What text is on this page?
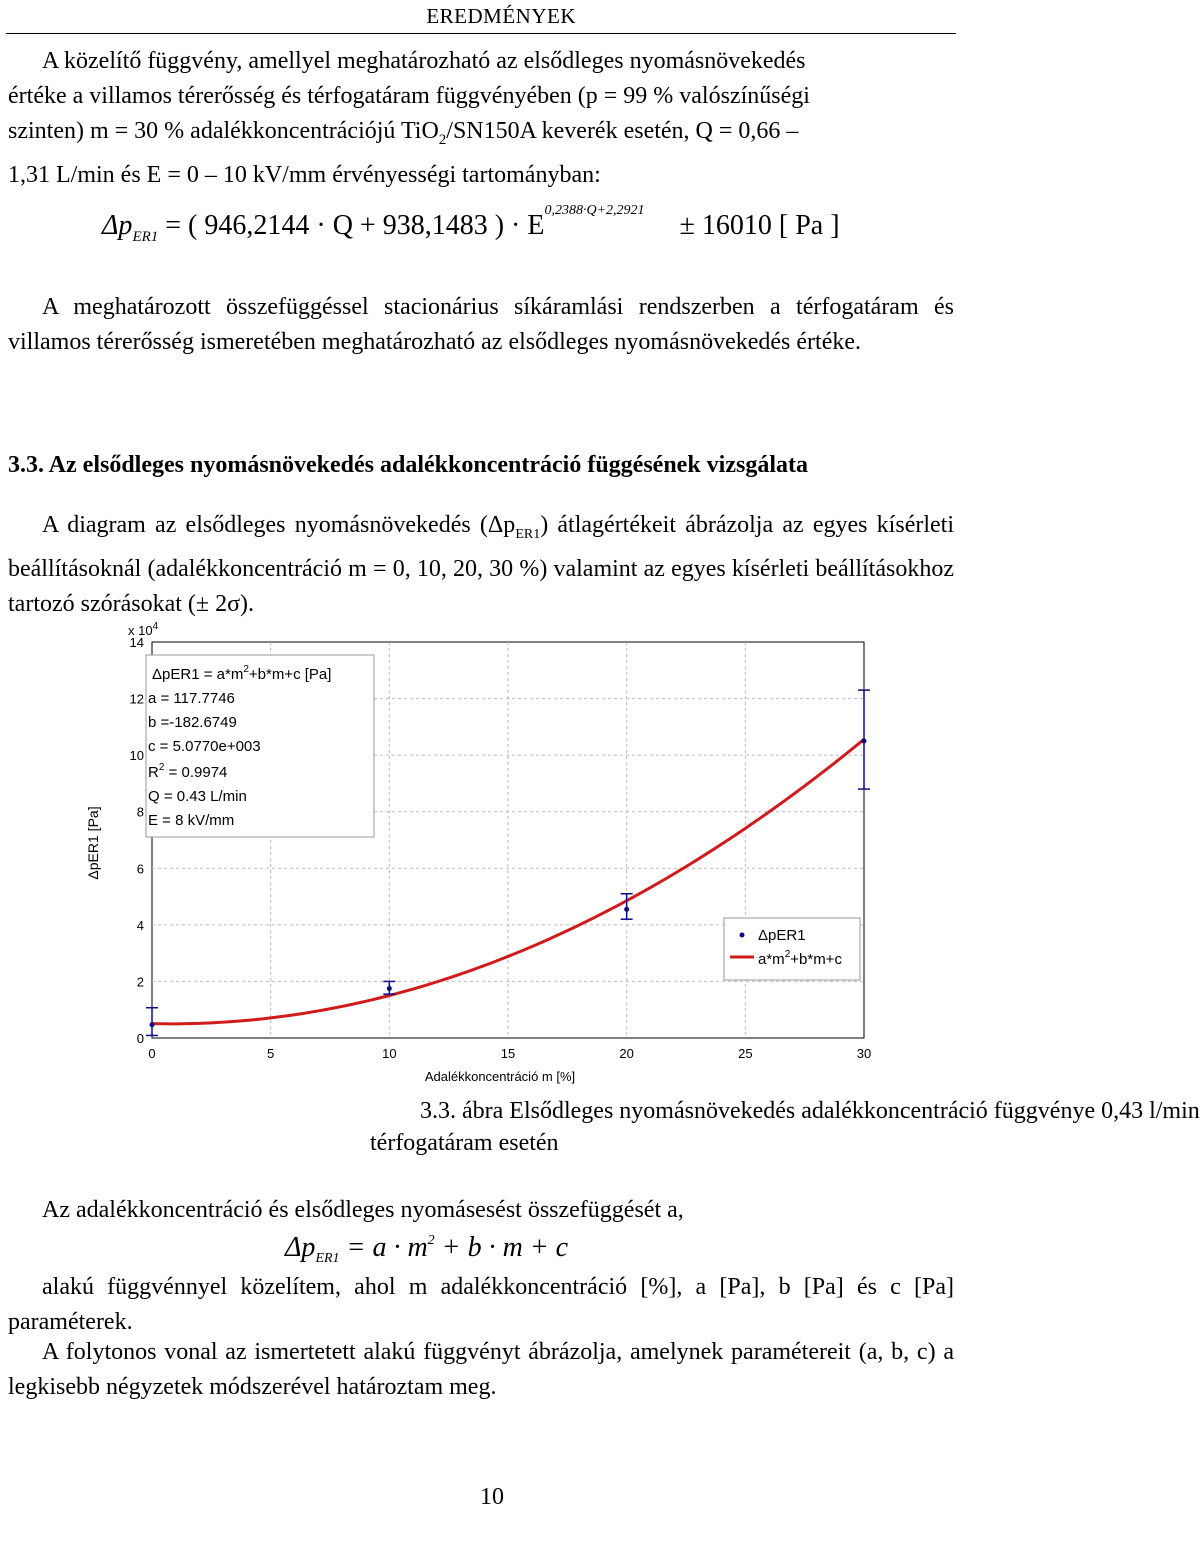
EREDMÉNYEK
A közelítő függvény, amellyel meghatározható az elsődleges nyomásnövekedés
értéke a villamos térerősség és térfogatáram függvényében (p = 99 % valószínűségi
szinten) m = 30 % adalékkoncentrációjú TiO$_2$/SN150A keverék esetén, Q = 0,66 –
1,31 L/min és E = 0 – 10 kV/mm érvényességi tartományban:
$\Delta p_{ER1}$ = ( 946,2144 · Q + 938,1483 ) · $E^{0,2388\cdot Q+2,2921} \pm 16010$ [ Pa ]

A meghatározott összefüggéssel stacionárius síkáramlási rendszerben a térfogatáram és villamos térerősség ismeretében meghatározható az elsődleges nyomásnövekedés értéke.

3.3. Az elsődleges nyomásnövekedés adalékkoncentráció függésének vizsgálata

A diagram az elsődleges nyomásnövekedés $(\Delta p_{ER1})$ átlagértékeit ábrázolja az egyes kísérleti beállításoknál (adalékkoncentráció m = 0, 10, 20, 30 %) valamint az egyes kísérleti beállításokhoz tartozó szórásokat (± 2σ).

0	5	10	15	20	25	30
0
2
4
6
8
10
12
14
x $10^4$
Adalékkoncentráció m [%]
ΔpER1 [Pa]
$\Delta pER1 = a*m^2+b*m+c$ [Pa]
a = 117.7746
b =-182.6749
c = 5.0770e+003
$R^2 = 0.9974$
Q = 0.43 L/min
E = 8 kV/mm
ΔpER1
$a*m^2+b*m+c$
3.3. ábra Elsődleges nyomásnövekedés adalékkoncentráció függvénye 0,43 l/min
térfogatáram esetén

Az adalékkoncentráció és elsődleges nyomásesést összefüggését a,

$\Delta p_{ER1} = a \cdot m^2 + b \cdot m + c$

alakú függvénnyel közelítem, ahol m adalékkoncentráció [%], a [Pa], b [Pa] és c [Pa] paraméterek.

A folytonos vonal az ismertetett alakú függvényt ábrázolja, amelynek paramétereit (a, b, c) a legkisebb négyzetek módszerével határoztam meg.

10
